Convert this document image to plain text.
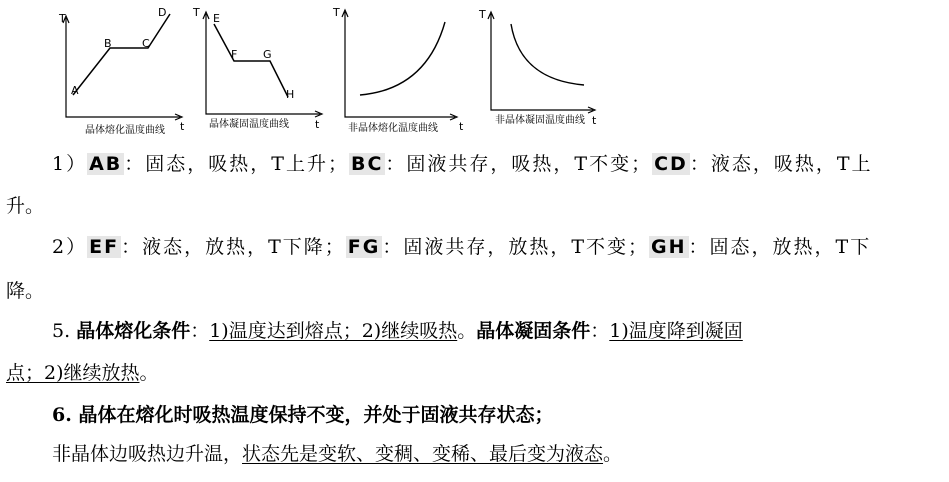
T
t
A
B	C
D
晶体熔化温度曲线
T
t
E
F G
H
晶体凝固温度曲线
T
t
非晶体熔化温度曲线
T
t
非晶体凝固温度曲线
1） AB ：固态，吸热，T上升； BC ：固液共存，吸热，T不变； CD ：液态，吸热，T上
升。
2） EF ：液态，放热，T下降； FG ：固液共存，放热，T不变； GH ：固态，放热，T下
降。
5. 晶体熔化条件：1)温度达到熔点；2)继续吸热。晶体凝固条件：1)温度降到凝固
点；2)继续放热。
6. 晶体在熔化时吸热温度保持不变，并处于固液共存状态；
非晶体边吸热边升温，状态先是变软、变稠、变稀、最后变为液态。
